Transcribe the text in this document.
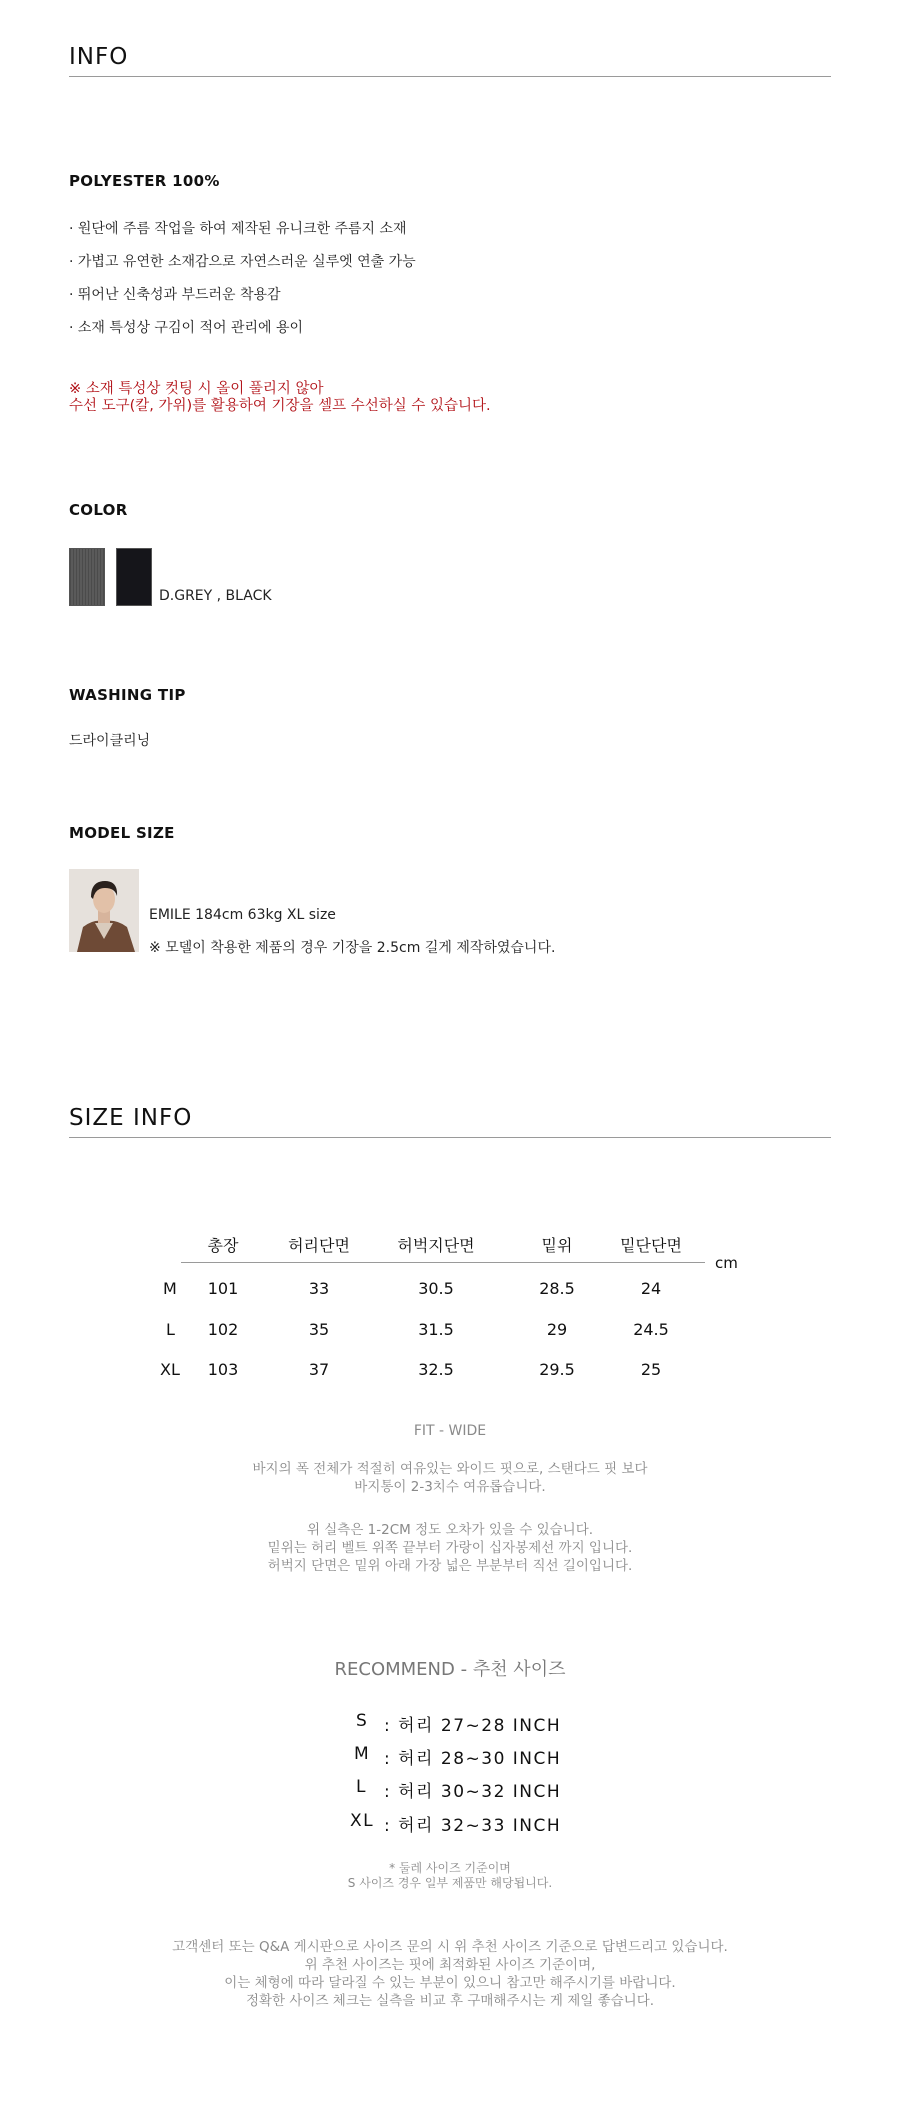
INFO
POLYESTER 100%
· 원단에 주름 작업을 하여 제작된 유니크한 주름지 소재
· 가볍고 유연한 소재감으로 자연스러운 실루엣 연출 가능
· 뛰어난 신축성과 부드러운 착용감
· 소재 특성상 구김이 적어 관리에 용이
※ 소재 특성상 컷팅 시 올이 풀리지 않아
수선 도구(칼, 가위)를 활용하여 기장을 셀프 수선하실 수 있습니다.
COLOR
D.GREY , BLACK
WASHING TIP
드라이클리닝
MODEL SIZE
EMILE 184cm 63kg XL size
※ 모델이 착용한 제품의 경우 기장을 2.5cm 길게 제작하였습니다.
SIZE INFO
총장	허리단면	허벅지단면	밑위	밑단단면
cm
M	101	33	30.5	28.5	24
L	102	35	31.5	29	24.5
XL	103	37	32.5	29.5	25
FIT - WIDE
바지의 폭 전체가 적절히 여유있는 와이드 핏으로, 스탠다드 핏 보다
바지통이 2-3치수 여유롭습니다.
위 실측은 1-2CM 정도 오차가 있을 수 있습니다.
밑위는 허리 벨트 위쪽 끝부터 가랑이 십자봉제선 까지 입니다.
허벅지 단면은 밑위 아래 가장 넓은 부분부터 직선 길이입니다.
RECOMMEND - 추천 사이즈
S : 허리 27~28 INCH
M : 허리 28~30 INCH
L : 허리 30~32 INCH
XL : 허리 32~33 INCH
* 둘레 사이즈 기준이며
S 사이즈 경우 일부 제품만 해당됩니다.
고객센터 또는 Q&A 게시판으로 사이즈 문의 시 위 추천 사이즈 기준으로 답변드리고 있습니다.
위 추천 사이즈는 핏에 최적화된 사이즈 기준이며,
이는 체형에 따라 달라질 수 있는 부분이 있으니 참고만 해주시기를 바랍니다.
정확한 사이즈 체크는 실측을 비교 후 구매해주시는 게 제일 좋습니다.
